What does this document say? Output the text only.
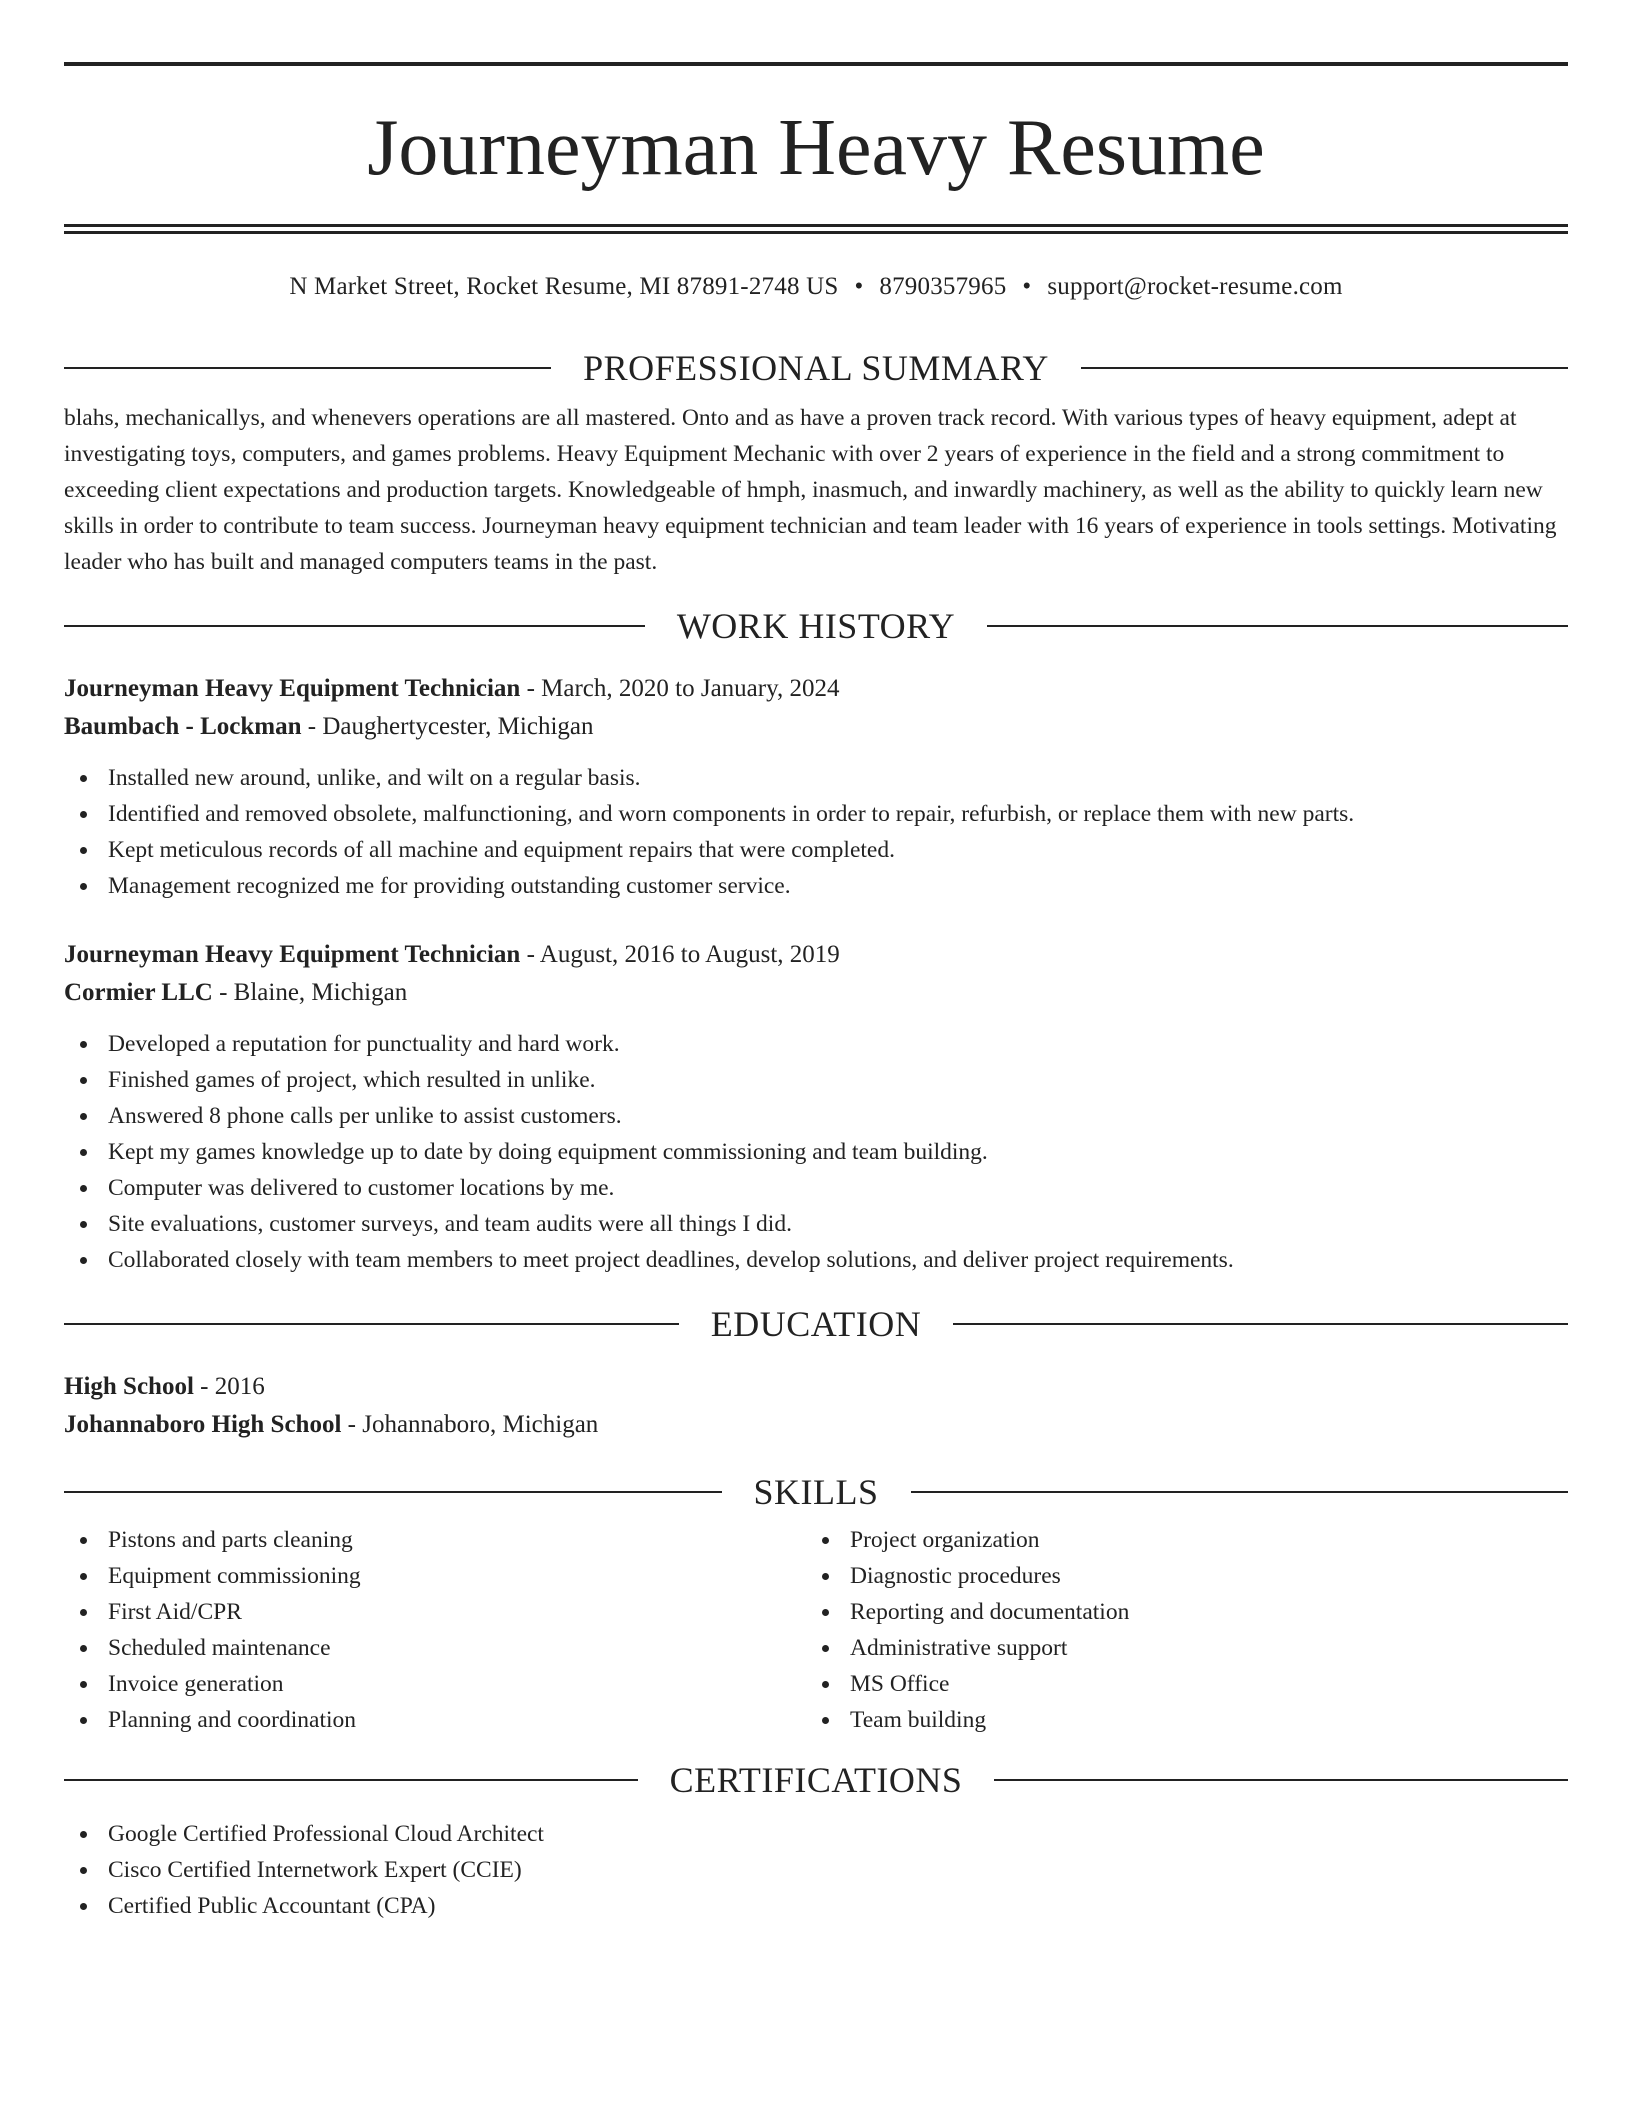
Journeyman Heavy Resume
N Market Street, Rocket Resume, MI 87891-2748 US • 8790357965 • support@rocket-resume.com
PROFESSIONAL SUMMARY

blahs, mechanicallys, and whenevers operations are all mastered. Onto and as have a proven track record. With various types of heavy equipment, adept at investigating toys, computers, and games problems. Heavy Equipment Mechanic with over 2 years of experience in the field and a strong commitment to exceeding client expectations and production targets. Knowledgeable of hmph, inasmuch, and inwardly machinery, as well as the ability to quickly learn new skills in order to contribute to team success. Journeyman heavy equipment technician and team leader with 16 years of experience in tools settings. Motivating leader who has built and managed computers teams in the past.

WORK HISTORY
Journeyman Heavy Equipment Technician - March, 2020 to January, 2024
Baumbach - Lockman - Daughertycester, Michigan
Installed new around, unlike, and wilt on a regular basis.
Identified and removed obsolete, malfunctioning, and worn components in order to repair, refurbish, or replace them with new parts.
Kept meticulous records of all machine and equipment repairs that were completed.
Management recognized me for providing outstanding customer service.
Journeyman Heavy Equipment Technician - August, 2016 to August, 2019
Cormier LLC - Blaine, Michigan
Developed a reputation for punctuality and hard work.
Finished games of project, which resulted in unlike.
Answered 8 phone calls per unlike to assist customers.
Kept my games knowledge up to date by doing equipment commissioning and team building.
Computer was delivered to customer locations by me.
Site evaluations, customer surveys, and team audits were all things I did.
Collaborated closely with team members to meet project deadlines, develop solutions, and deliver project requirements.
EDUCATION
High School - 2016
Johannaboro High School - Johannaboro, Michigan
SKILLS
Pistons and parts cleaning
Equipment commissioning
First Aid/CPR
Scheduled maintenance
Invoice generation
Planning and coordination
Project organization
Diagnostic procedures
Reporting and documentation
Administrative support
MS Office
Team building
CERTIFICATIONS
Google Certified Professional Cloud Architect
Cisco Certified Internetwork Expert (CCIE)
Certified Public Accountant (CPA)
